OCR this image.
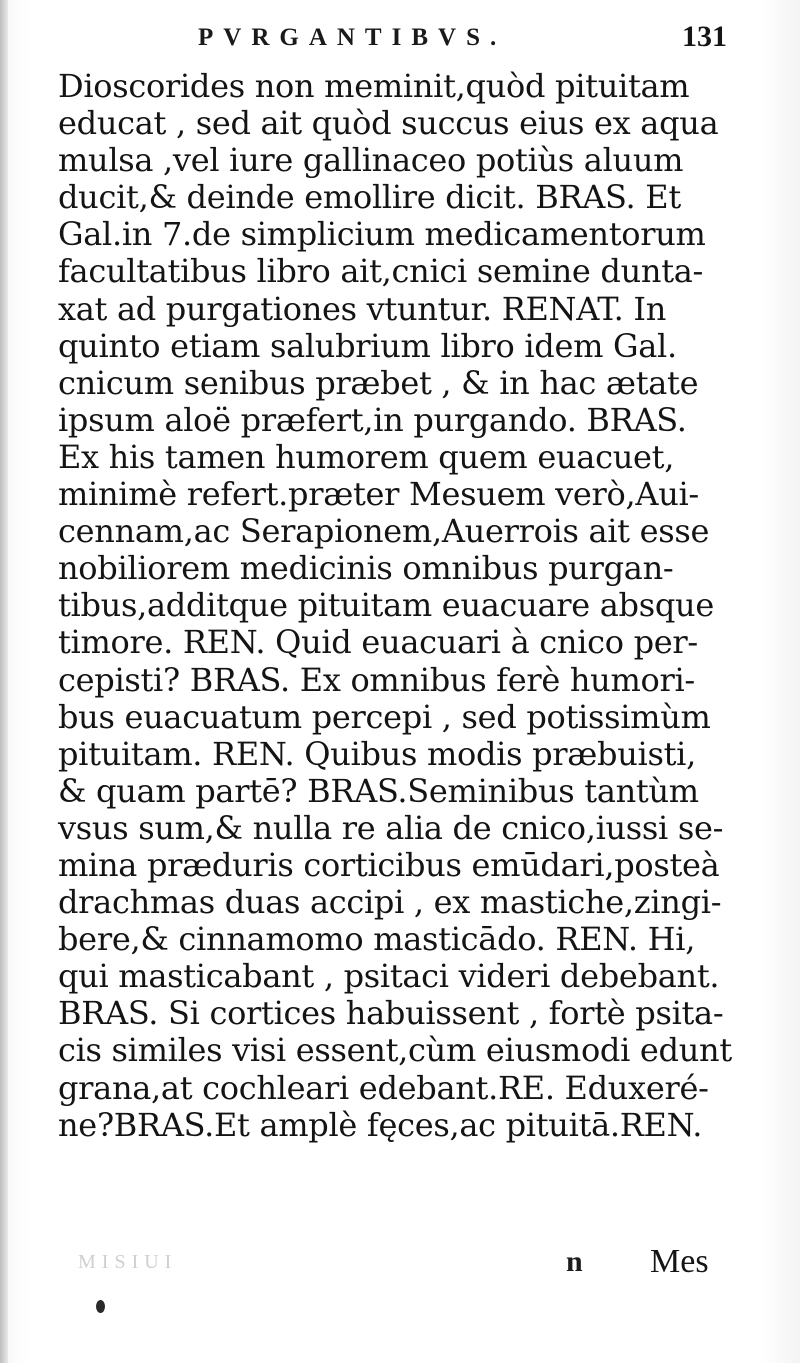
PVRGANTIBVS.	131
Dioscorides non meminit,quòd pituitam
educat , sed ait quòd succus eius ex aqua
mulsa ,vel iure gallinaceo potiùs aluum
ducit,& deinde emollire dicit. BRAS. Et
Gal.in 7.de simplicium medicamentorum
facultatibus libro ait,cnici semine dunta-
xat ad purgationes vtuntur. RENAT. In
quinto etiam salubrium libro idem Gal.
cnicum senibus præbet , & in hac ætate
ipsum aloë præfert,in purgando. BRAS.
Ex his tamen humorem quem euacuet,
minimè refert.præter Mesuem verò,Aui-
cennam,ac Serapionem,Auerrois ait esse
nobiliorem medicinis omnibus purgan-
tibus,additque pituitam euacuare absque
timore. REN. Quid euacuari à cnico per-
cepisti? BRAS. Ex omnibus ferè humori-
bus euacuatum percepi , sed potissimùm
pituitam. REN. Quibus modis præbuisti,
& quam partē? BRAS.Seminibus tantùm
vsus sum,& nulla re alia de cnico,iussi se-
mina præduris corticibus emūdari,posteà
drachmas duas accipi , ex mastiche,zingi-
bere,& cinnamomo masticādo. REN. Hi,
qui masticabant , psitaci videri debebant.
BRAS. Si cortices habuissent , fortè psita-
cis similes visi essent,cùm eiusmodi edunt
grana,at cochleari edebant.RE. Eduxeré-
ne?BRAS.Et amplè fęces,ac pituitā.REN.
MISIUI	n Mes
